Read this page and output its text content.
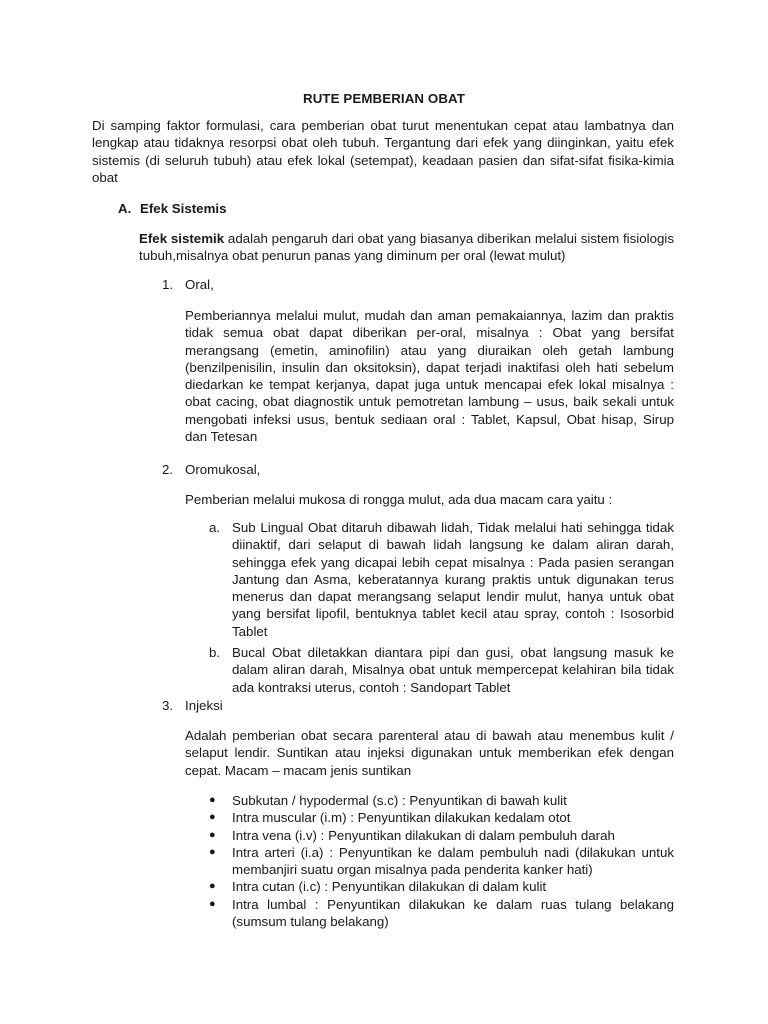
RUTE PEMBERIAN OBAT
Di samping faktor formulasi, cara pemberian obat turut menentukan cepat atau lambatnya dan lengkap atau tidaknya resorpsi obat oleh tubuh. Tergantung dari efek yang diinginkan, yaitu efek sistemis (di seluruh tubuh) atau efek lokal (setempat), keadaan pasien dan sifat-sifat fisika-kimia obat
A. Efek Sistemis
Efek sistemik adalah pengaruh dari obat yang biasanya diberikan melalui sistem fisiologis tubuh,misalnya obat penurun panas yang diminum per oral (lewat mulut)
1. Oral,
Pemberiannya melalui mulut, mudah dan aman pemakaiannya, lazim dan praktis tidak semua obat dapat diberikan per-oral, misalnya : Obat yang bersifat merangsang (emetin, aminofilin) atau yang diuraikan oleh getah lambung (benzilpenisilin, insulin dan oksitoksin), dapat terjadi inaktifasi oleh hati sebelum diedarkan ke tempat kerjanya, dapat juga untuk mencapai efek lokal misalnya : obat cacing, obat diagnostik untuk pemotretan lambung – usus, baik sekali untuk mengobati infeksi usus, bentuk sediaan oral : Tablet, Kapsul, Obat hisap, Sirup dan Tetesan
2. Oromukosal,
Pemberian melalui mukosa di rongga mulut, ada dua macam cara yaitu :
a. Sub Lingual Obat ditaruh dibawah lidah, Tidak melalui hati sehingga tidak diinaktif, dari selaput di bawah lidah langsung ke dalam aliran darah, sehingga efek yang dicapai lebih cepat misalnya : Pada pasien serangan Jantung dan Asma, keberatannya kurang praktis untuk digunakan terus menerus dan dapat merangsang selaput lendir mulut, hanya untuk obat yang bersifat lipofil, bentuknya tablet kecil atau spray, contoh : Isosorbid Tablet
b. Bucal Obat diletakkan diantara pipi dan gusi, obat langsung masuk ke dalam aliran darah, Misalnya obat untuk mempercepat kelahiran bila tidak ada kontraksi uterus, contoh : Sandopart Tablet
3. Injeksi
Adalah pemberian obat secara parenteral atau di bawah atau menembus kulit / selaput lendir. Suntikan atau injeksi digunakan untuk memberikan efek dengan cepat. Macam – macam jenis suntikan
● Subkutan / hypodermal (s.c) : Penyuntikan di bawah kulit
● Intra muscular (i.m) : Penyuntikan dilakukan kedalam otot
● Intra vena (i.v) : Penyuntikan dilakukan di dalam pembuluh darah
● Intra arteri (i.a) : Penyuntikan ke dalam pembuluh nadi (dilakukan untuk membanjiri suatu organ misalnya pada penderita kanker hati)
● Intra cutan (i.c) : Penyuntikan dilakukan di dalam kulit
● Intra lumbal : Penyuntikan dilakukan ke dalam ruas tulang belakang (sumsum tulang belakang)
